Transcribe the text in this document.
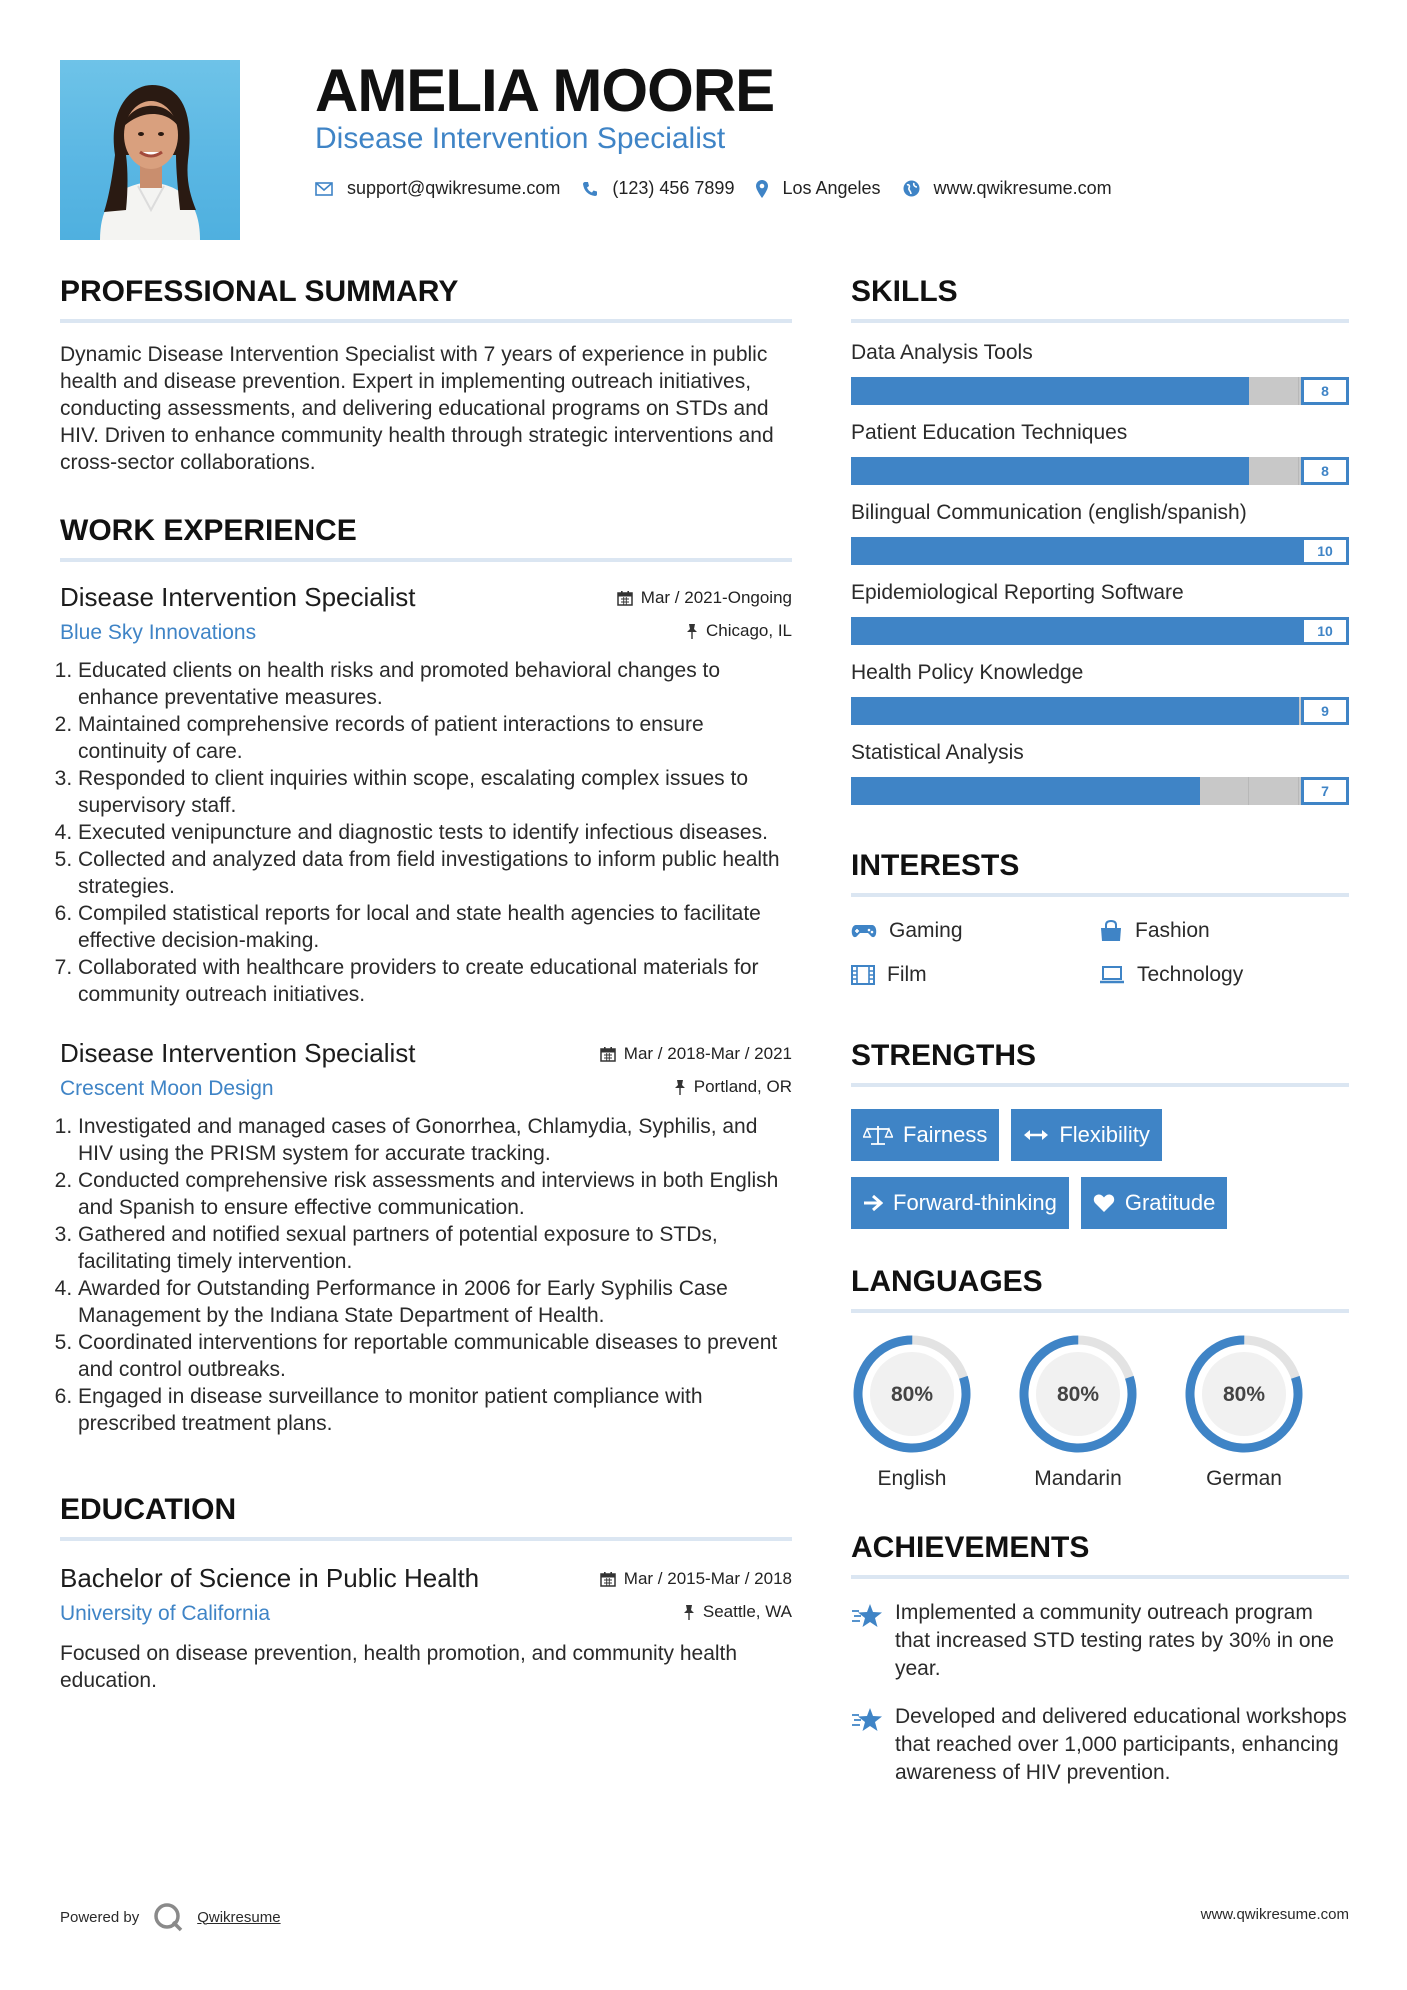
AMELIA MOORE
Disease Intervention Specialist
support@qwikresume.com	(123) 456 7899	Los Angeles	www.qwikresume.com
PROFESSIONAL SUMMARY

Dynamic Disease Intervention Specialist with 7 years of experience in public health and disease prevention. Expert in implementing outreach initiatives, conducting assessments, and delivering educational programs on STDs and HIV. Driven to enhance community health through strategic interventions and cross-sector collaborations.

WORK EXPERIENCE
Disease Intervention Specialist	Mar / 2021-Ongoing
Blue Sky Innovations	Chicago, IL
1. Educated clients on health risks and promoted behavioral changes to enhance preventative measures.
2. Maintained comprehensive records of patient interactions to ensure continuity of care.
3. Responded to client inquiries within scope, escalating complex issues to supervisory staff.
4. Executed venipuncture and diagnostic tests to identify infectious diseases.
5. Collected and analyzed data from field investigations to inform public health strategies.
6. Compiled statistical reports for local and state health agencies to facilitate effective decision-making.
7. Collaborated with healthcare providers to create educational materials for community outreach initiatives.
Disease Intervention Specialist	Mar / 2018-Mar / 2021
Crescent Moon Design	Portland, OR
1. Investigated and managed cases of Gonorrhea, Chlamydia, Syphilis, and HIV using the PRISM system for accurate tracking.
2. Conducted comprehensive risk assessments and interviews in both English and Spanish to ensure effective communication.
3. Gathered and notified sexual partners of potential exposure to STDs, facilitating timely intervention.
4. Awarded for Outstanding Performance in 2006 for Early Syphilis Case Management by the Indiana State Department of Health.
5. Coordinated interventions for reportable communicable diseases to prevent and control outbreaks.
6. Engaged in disease surveillance to monitor patient compliance with prescribed treatment plans.
EDUCATION
Bachelor of Science in Public Health	Mar / 2015-Mar / 2018
University of California	Seattle, WA

Focused on disease prevention, health promotion, and community health education.

SKILLS
Data Analysis Tools
8
Patient Education Techniques
8
Bilingual Communication (english/spanish)
10
Epidemiological Reporting Software
10
Health Policy Knowledge
9
Statistical Analysis
7
INTERESTS
Gaming	Fashion
Film	Technology
STRENGTHS
Fairness	Flexibility
Forward-thinking	Gratitude
LANGUAGES
80%
English
80%
Mandarin
80%
German
ACHIEVEMENTS
Implemented a community outreach program that increased STD testing rates by 30% in one year.
Developed and delivered educational workshops that reached over 1,000 participants, enhancing awareness of HIV prevention.
Powered by	Qwikresume	www.qwikresume.com
